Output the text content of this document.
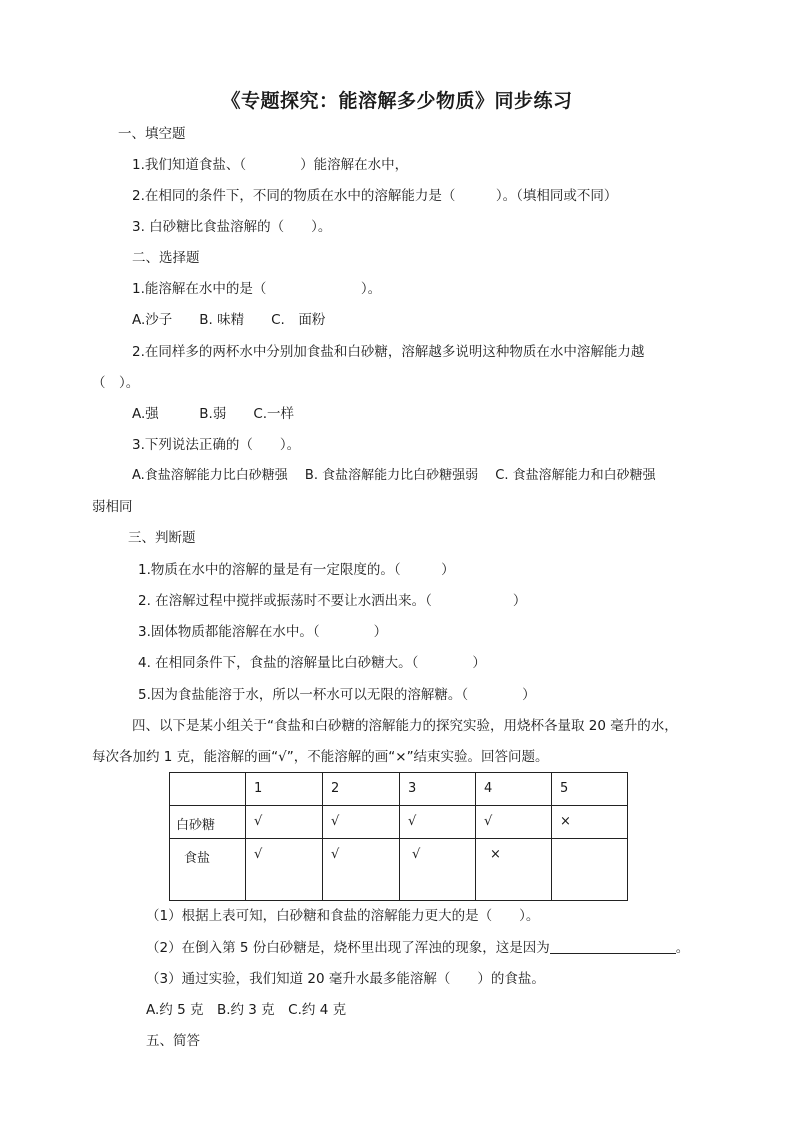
《专题探究：能溶解多少物质》同步练习
一、填空题
1.我们知道食盐、（　　　　）能溶解在水中，
2.在相同的条件下，不同的物质在水中的溶解能力是（　　　）。（填相同或不同）
3. 白砂糖比食盐溶解的（　　）。
二、选择题
1.能溶解在水中的是（　　　　　　　）。
A.沙子　　B. 味精　　C.　面粉
2.在同样多的两杯水中分别加食盐和白砂糖，溶解越多说明这种物质在水中溶解能力越
（　）。
A.强　　　B.弱　　C.一样
3.下列说法正确的（　　）。
A.食盐溶解能力比白砂糖强　 B. 食盐溶解能力比白砂糖强弱　 C. 食盐溶解能力和白砂糖强
弱相同
三、判断题
1.物质在水中的溶解的量是有一定限度的。（　　　）
2. 在溶解过程中搅拌或振荡时不要让水洒出来。（　　　　　　）
3.固体物质都能溶解在水中。（　　　　）
4. 在相同条件下，食盐的溶解量比白砂糖大。（　　　　）
5.因为食盐能溶于水，所以一杯水可以无限的溶解糖。（　　　　）
四、以下是某小组关于“食盐和白砂糖的溶解能力的探究实验，用烧杯各量取 20 毫升的水，
每次各加约 1 克，能溶解的画“√”，不能溶解的画“×”结束实验。回答问题。
	1	2	3	4	5
白砂糖	√	√	√	√	×
食盐	√	√	√	×	
（1）根据上表可知，白砂糖和食盐的溶解能力更大的是（　　）。
（2）在倒入第 5 份白砂糖是，烧杯里出现了浑浊的现象，这是因为	。
（3）通过实验，我们知道 20 毫升水最多能溶解（　　）的食盐。
A.约 5 克　B.约 3 克　C.约 4 克
五、简答
